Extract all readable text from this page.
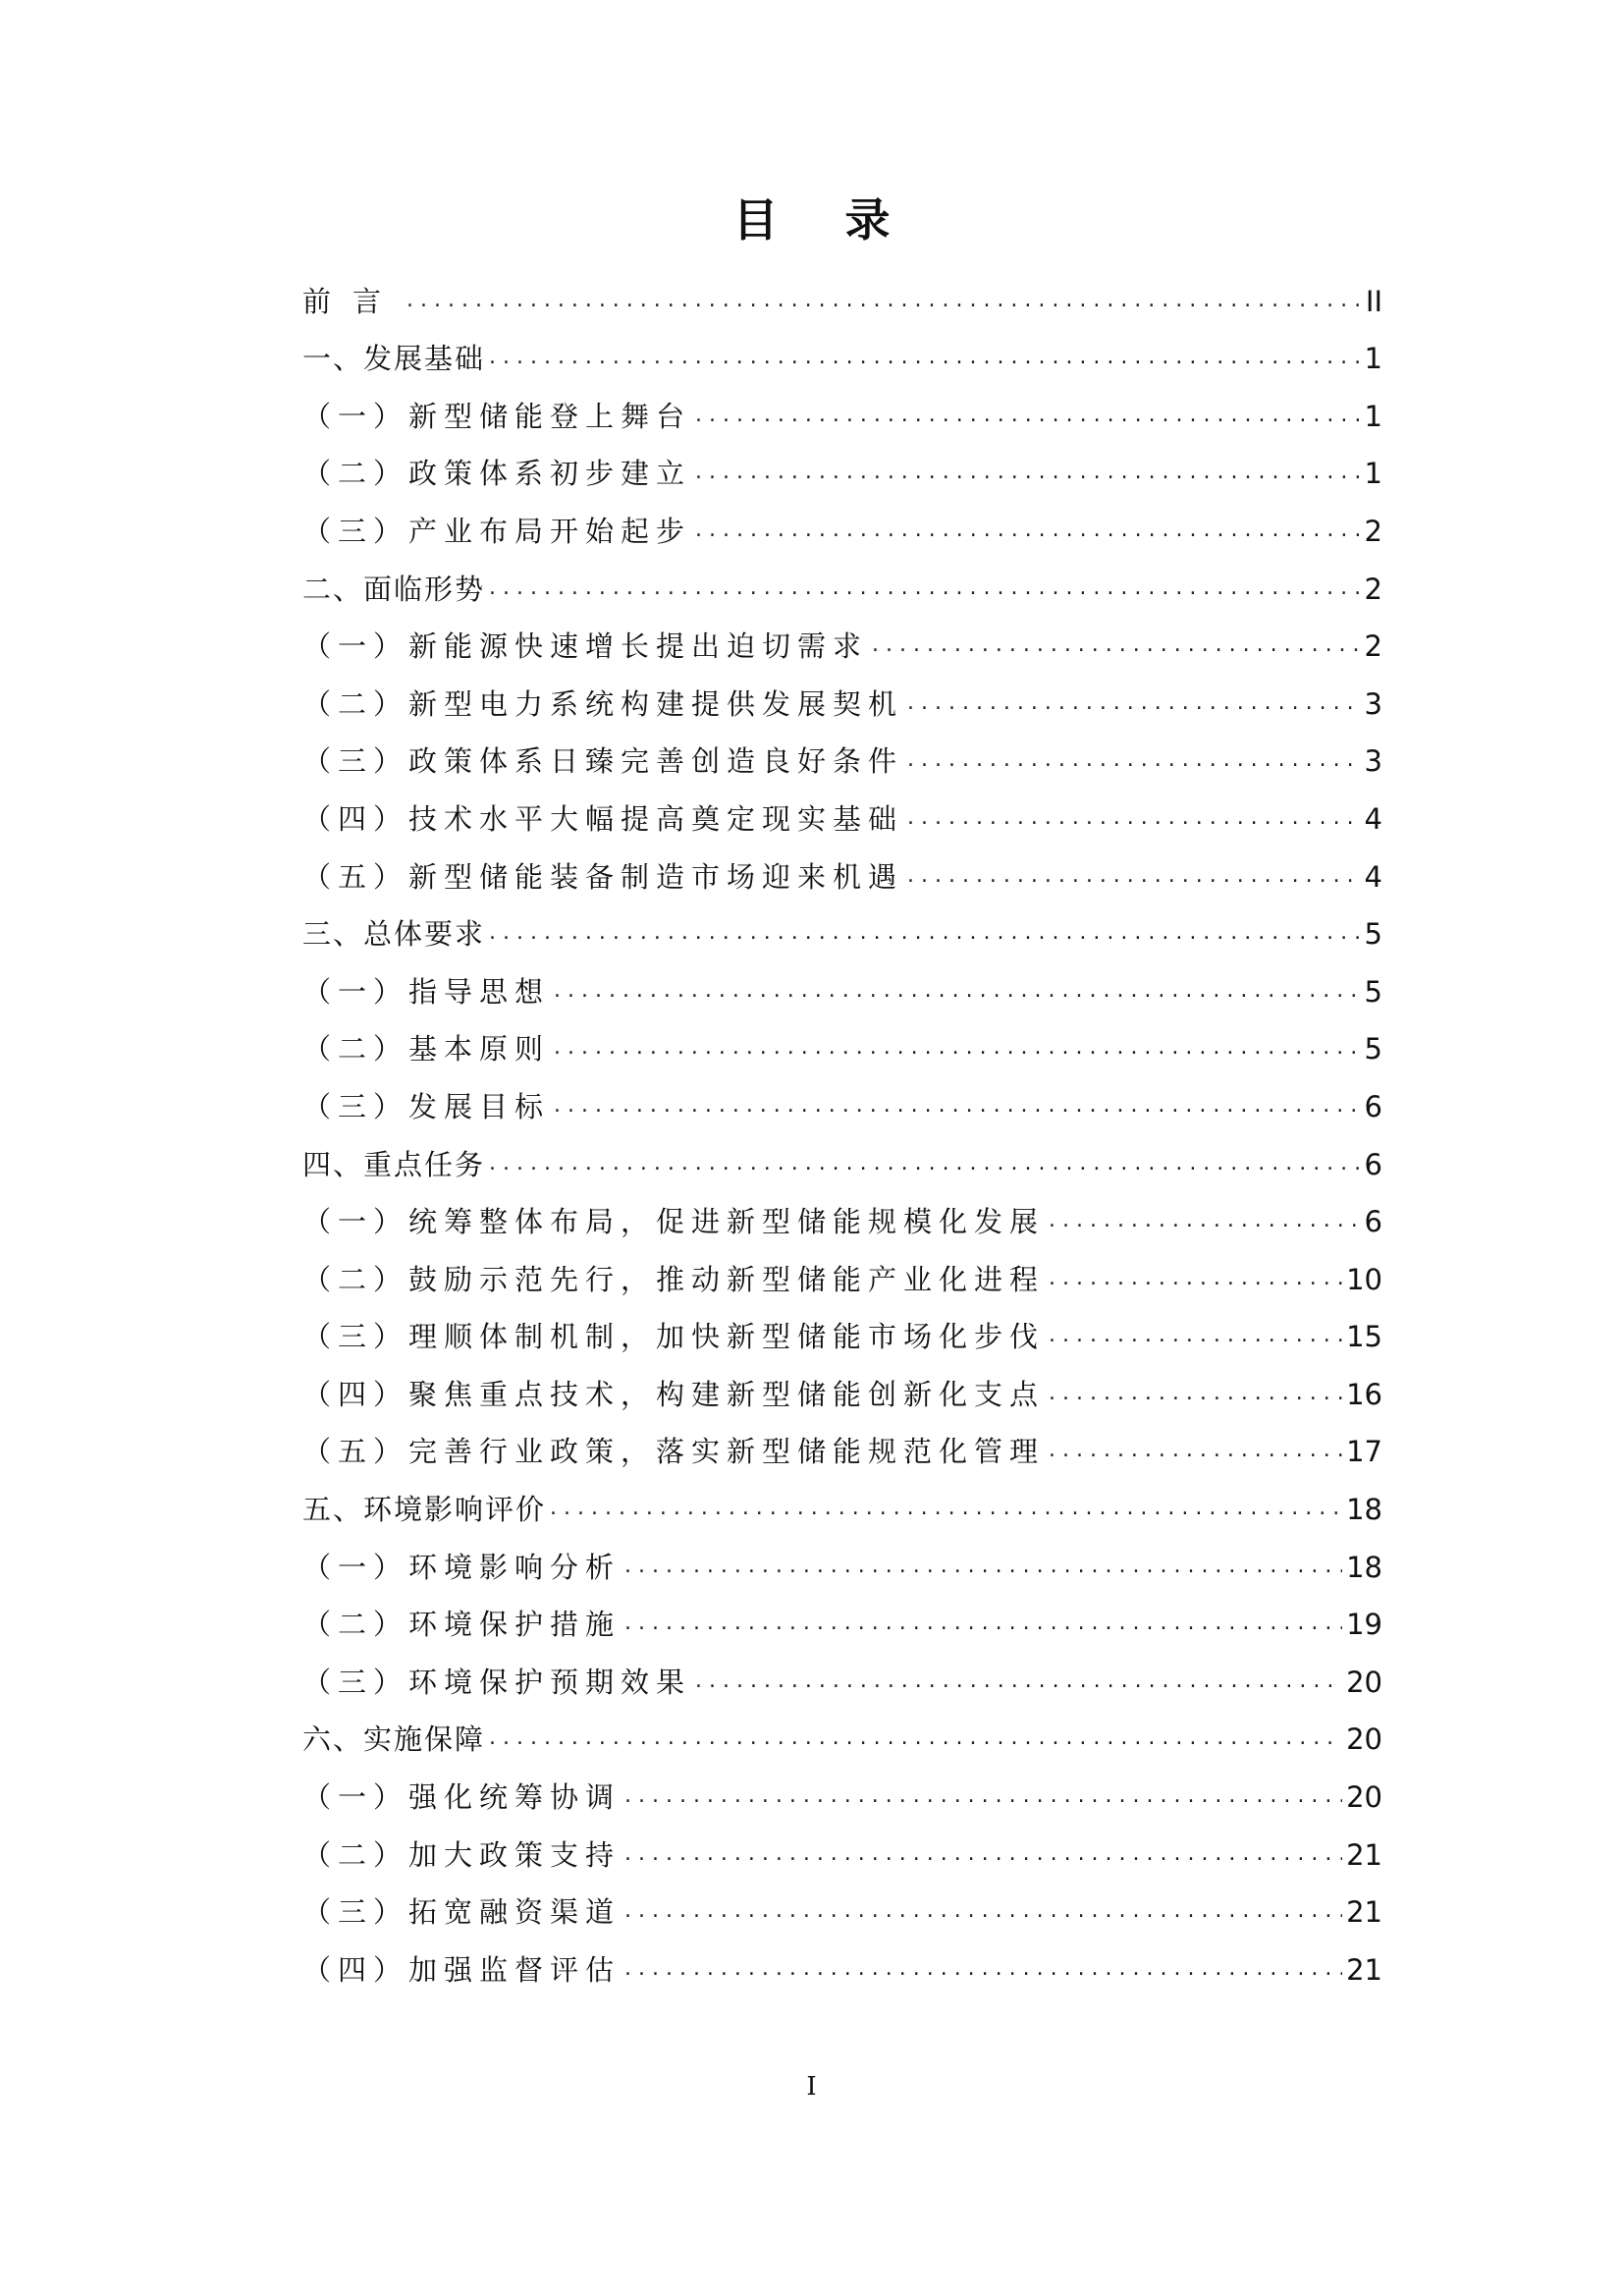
目 录
前言 . . .	II
一、发展基础 . . .	1
（一）新型储能登上舞台 . . .	1
（二）政策体系初步建立 . . .	1
（三）产业布局开始起步 . . .	2
二、面临形势 . . .	2
（一）新能源快速增长提出迫切需求 . . .	2
（二）新型电力系统构建提供发展契机 . . .	3
（三）政策体系日臻完善创造良好条件 . . .	3
（四）技术水平大幅提高奠定现实基础 . . .	4
（五）新型储能装备制造市场迎来机遇 . . .	4
三、总体要求 . . .	5
（一）指导思想 . . .	5
（二）基本原则 . . .	5
（三）发展目标 . . .	6
四、重点任务 . . .	6
（一）统筹整体布局，促进新型储能规模化发展 . . .	6
（二）鼓励示范先行，推动新型储能产业化进程 . . .	10
（三）理顺体制机制，加快新型储能市场化步伐 . . .	15
（四）聚焦重点技术，构建新型储能创新化支点 . . .	16
（五）完善行业政策，落实新型储能规范化管理 . . .	17
五、环境影响评价 . . .	18
（一）环境影响分析 . . .	18
（二）环境保护措施 . . .	19
（三）环境保护预期效果 . . .	20
六、实施保障 . . .	20
（一）强化统筹协调 . . .	20
（二）加大政策支持 . . .	21
（三）拓宽融资渠道 . . .	21
（四）加强监督评估 . . .	21
I
